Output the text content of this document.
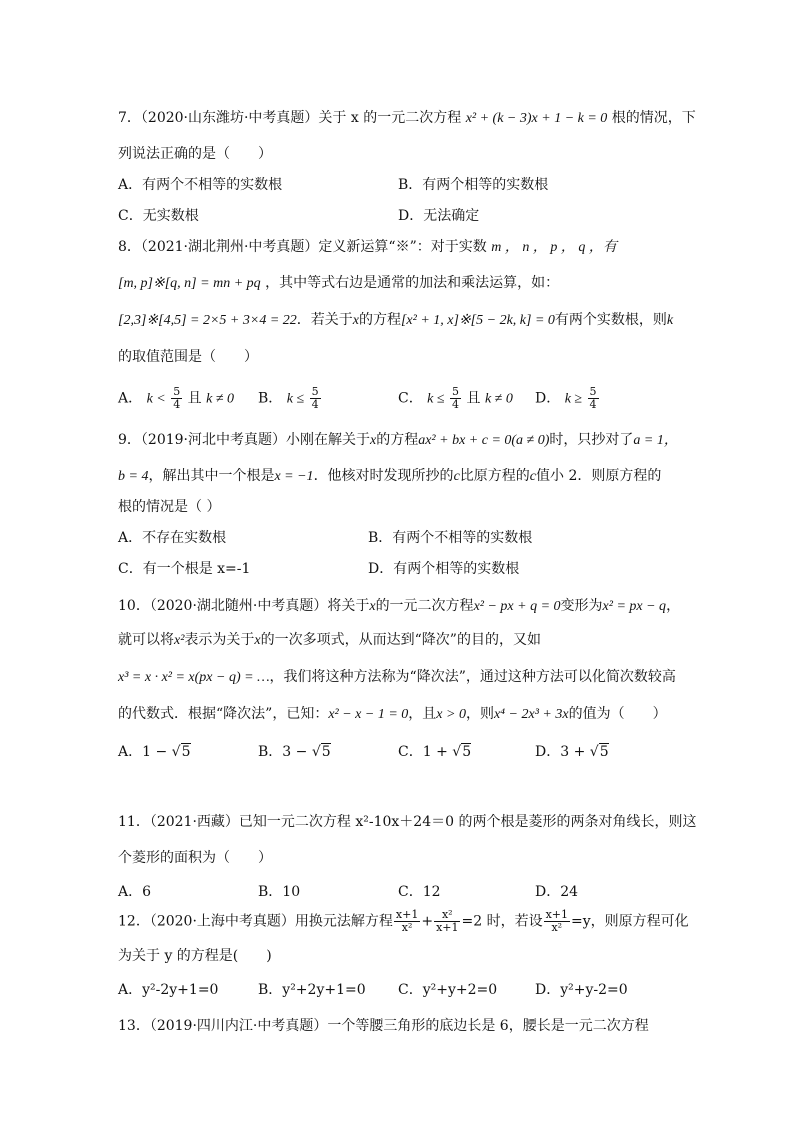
7．（2020·山东潍坊·中考真题）关于 x 的一元二次方程 x² + (k − 3)x + 1 − k = 0 根的情况，下
列说法正确的是（　　）
A．有两个不相等的实数根	B．有两个相等的实数根
C．无实数根	D．无法确定
8．（2021·湖北荆州·中考真题）定义新运算“※”：对于实数 m ， n ， p ， q ，有
[m, p]※[q, n] = mn + pq ，其中等式右边是通常的加法和乘法运算，如：
[2,3]※[4,5] = 2×5 + 3×4 = 22．若关于x的方程[x² + 1, x]※[5 − 2k, k] = 0有两个实数根，则k
的取值范围是（　　）
A． $k < \frac{5}{4}$ 且 k ≠ 0 B． $k \le \frac{5}{4}$	C． $k \le \frac{5}{4}$ 且 k ≠ 0 D． $k \ge \frac{5}{4}$
9．（2019·河北中考真题）小刚在解关于x的方程ax² + bx + c = 0(a ≠ 0)时，只抄对了a = 1，
b = 4，解出其中一个根是x = −1．他核对时发现所抄的c比原方程的c值小 2．则原方程的
根的情况是（ ）
A．不存在实数根	B．有两个不相等的实数根
C．有一个根是 x=-1	D．有两个相等的实数根
10．（2020·湖北随州·中考真题）将关于x的一元二次方程x² − px + q = 0变形为x² = px − q，
就可以将x²表示为关于x的一次多项式，从而达到“降次”的目的，又如
x³ = x · x² = x(px − q) = …，我们将这种方法称为“降次法”，通过这种方法可以化简次数较高
的代数式．根据“降次法”，已知：x² − x − 1 = 0，且x > 0，则x⁴ − 2x³ + 3x的值为（　　）
A．1 − √5	B．3 − √5	C．1 + √5	D．3 + √5
11．（2021·西藏）已知一元二次方程 x²-10x＋24＝0 的两个根是菱形的两条对角线长，则这
个菱形的面积为（　　）
A．6	B．10	C．12	D．24
12．（2020·上海中考真题）用换元法解方程 $\frac{x+1}{\text{x²}} + \frac{\text{x²}}{x+1} =2$ 时，若设 $\frac{x+1}{\text{x²}} =y$，则原方程可化
为关于 y 的方程是(　　)
A．y²-2y+1=0	B．y²+2y+1=0 C．y²+y+2=0	D．y²+y-2=0
13．（2019·四川内江·中考真题）一个等腰三角形的底边长是 6，腰长是一元二次方程
